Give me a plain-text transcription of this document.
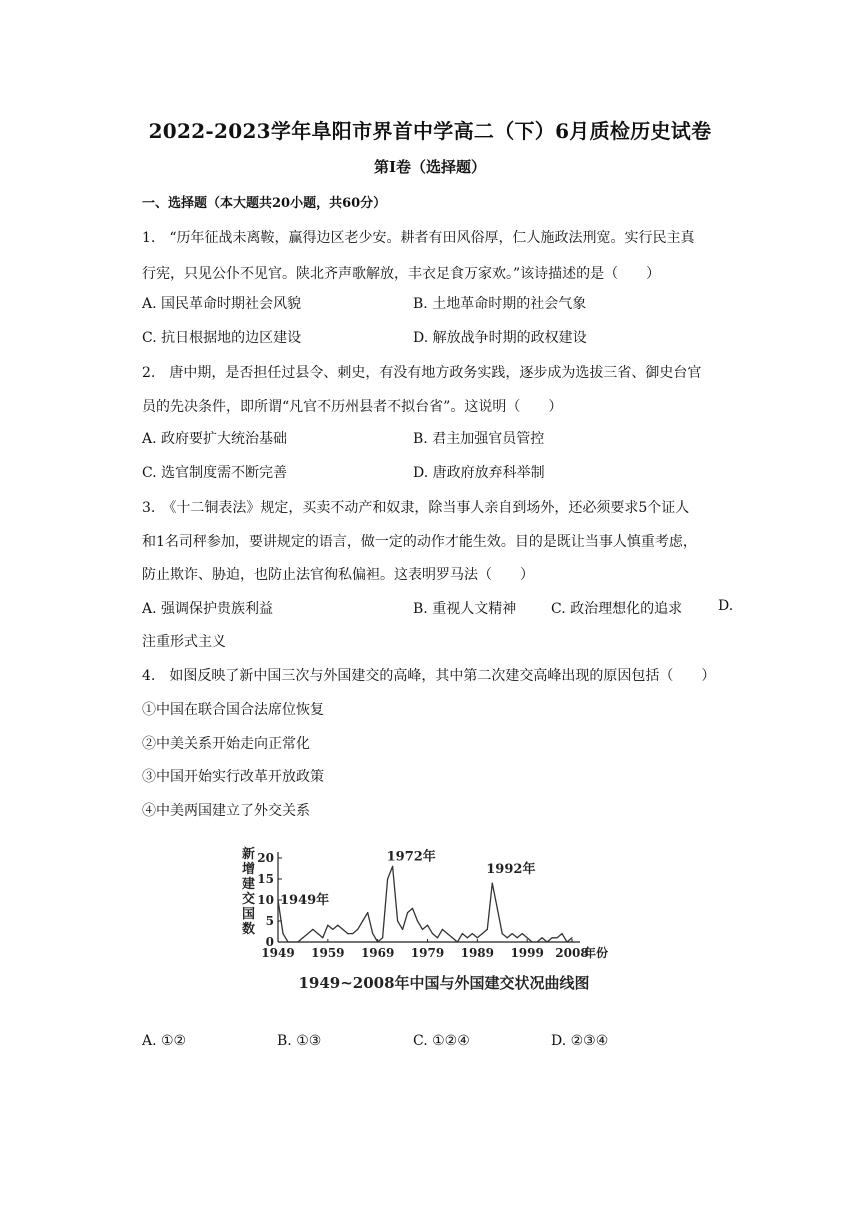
2022-2023学年阜阳市界首中学高二（下）6月质检历史试卷
第I卷（选择题）
一、选择题（本大题共20小题，共60分）
1.　“历年征战未离鞍，赢得边区老少安。耕者有田风俗厚，仁人施政法刑宽。实行民主真
行宪，只见公仆不见官。陕北齐声歌解放，丰衣足食万家欢。”该诗描述的是（　　）
A. 国民革命时期社会风貌	B. 土地革命时期的社会气象
C. 抗日根据地的边区建设	D. 解放战争时期的政权建设
2.　唐中期，是否担任过县令、刺史，有没有地方政务实践，逐步成为选拔三省、御史台官
员的先决条件，即所谓“凡官不历州县者不拟台省”。这说明（　　）
A. 政府要扩大统治基础	B. 君主加强官员管控
C. 选官制度需不断完善	D. 唐政府放弃科举制
3.　《十二铜表法》规定，买卖不动产和奴隶，除当事人亲自到场外，还必须要求5个证人
和1名司秤参加，要讲规定的语言，做一定的动作才能生效。目的是既让当事人慎重考虑，
防止欺诈、胁迫，也防止法官徇私偏袒。这表明罗马法（　　）
A. 强调保护贵族利益	B. 重视人文精神 C. 政治理想化的追求	D.
注重形式主义
4.　如图反映了新中国三次与外国建交的高峰，其中第二次建交高峰出现的原因包括（　　）
①中国在联合国合法席位恢复
②中美关系开始走向正常化
③中国开始实行改革开放政策
④中美两国建立了外交关系
新
增
建
交
国
数
0
5
10
15
20
1949 1959 1969 1979 1989 1999 2008
年份
1949年
1972年
1992年
1949~2008年中国与外国建交状况曲线图
A. ①②	B. ①③	C. ①②④	D. ②③④
